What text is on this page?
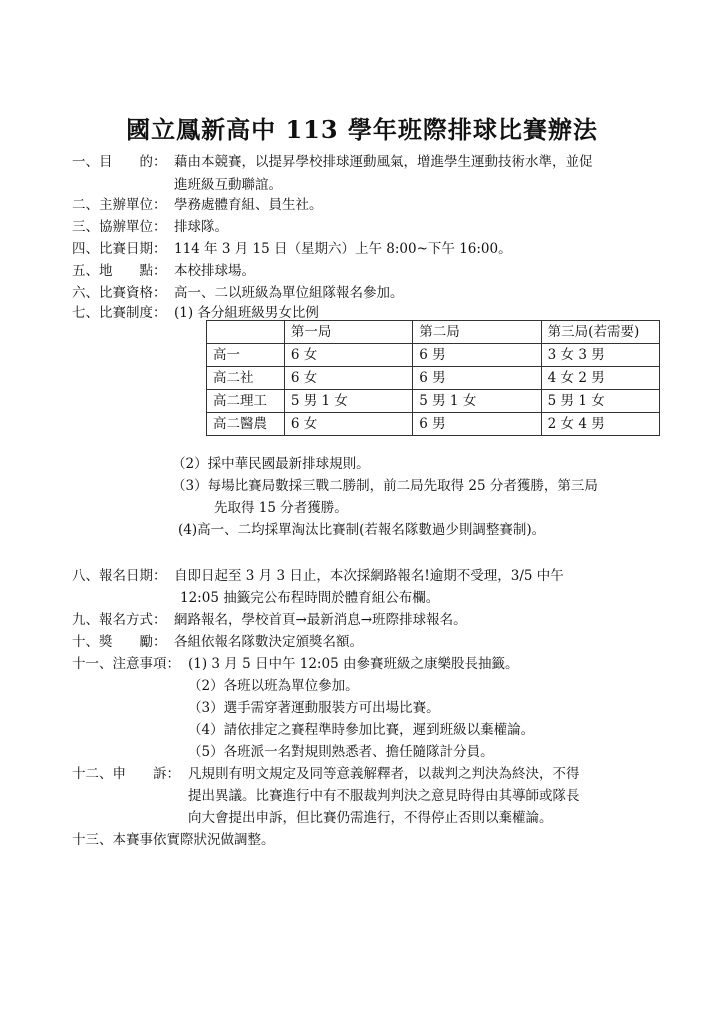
國立鳳新高中 113 學年班際排球比賽辦法
一、目　　的： 藉由本競賽，以提昇學校排球運動風氣，增進學生運動技術水準，並促
進班級互動聯誼。
二、主辦單位： 學務處體育組、員生社。
三、協辦單位： 排球隊。
四、比賽日期： 114 年 3 月 15 日（星期六）上午 8:00~下午 16:00。
五、地　　點： 本校排球場。
六、比賽資格： 高一、二以班級為單位組隊報名參加。
七、比賽制度： (1) 各分組班級男女比例
	第一局	第二局	第三局(若需要)
高一	6 女	6 男	3 女 3 男
高二社	6 女	6 男	4 女 2 男
高二理工	5 男 1 女	5 男 1 女	5 男 1 女
高二醫農	6 女	6 男	2 女 4 男
（2）採中華民國最新排球規則。
（3）每場比賽局數採三戰二勝制，前二局先取得 25 分者獲勝，第三局
先取得 15 分者獲勝。
(4)高一、二均採單淘汰比賽制(若報名隊數過少則調整賽制)。
八、報名日期： 自即日起至 3 月 3 日止，本次採網路報名!逾期不受理，3/5 中午
12:05 抽籤完公布程時間於體育組公布欄。
九、報名方式： 網路報名，學校首頁→最新消息→班際排球報名。
十、獎　　勵： 各組依報名隊數決定頒獎名額。
十一、注意事項： (1) 3 月 5 日中午 12:05 由參賽班級之康樂股長抽籤。
（2）各班以班為單位參加。
（3）選手需穿著運動服裝方可出場比賽。
（4）請依排定之賽程準時參加比賽，遲到班級以棄權論。
（5）各班派一名對規則熟悉者、擔任隨隊計分員。
十二、申　　訴： 凡規則有明文規定及同等意義解釋者，以裁判之判決為終決，不得
提出異議。比賽進行中有不服裁判判決之意見時得由其導師或隊長
向大會提出申訴，但比賽仍需進行，不得停止否則以棄權論。
十三、本賽事依實際狀況做調整。
